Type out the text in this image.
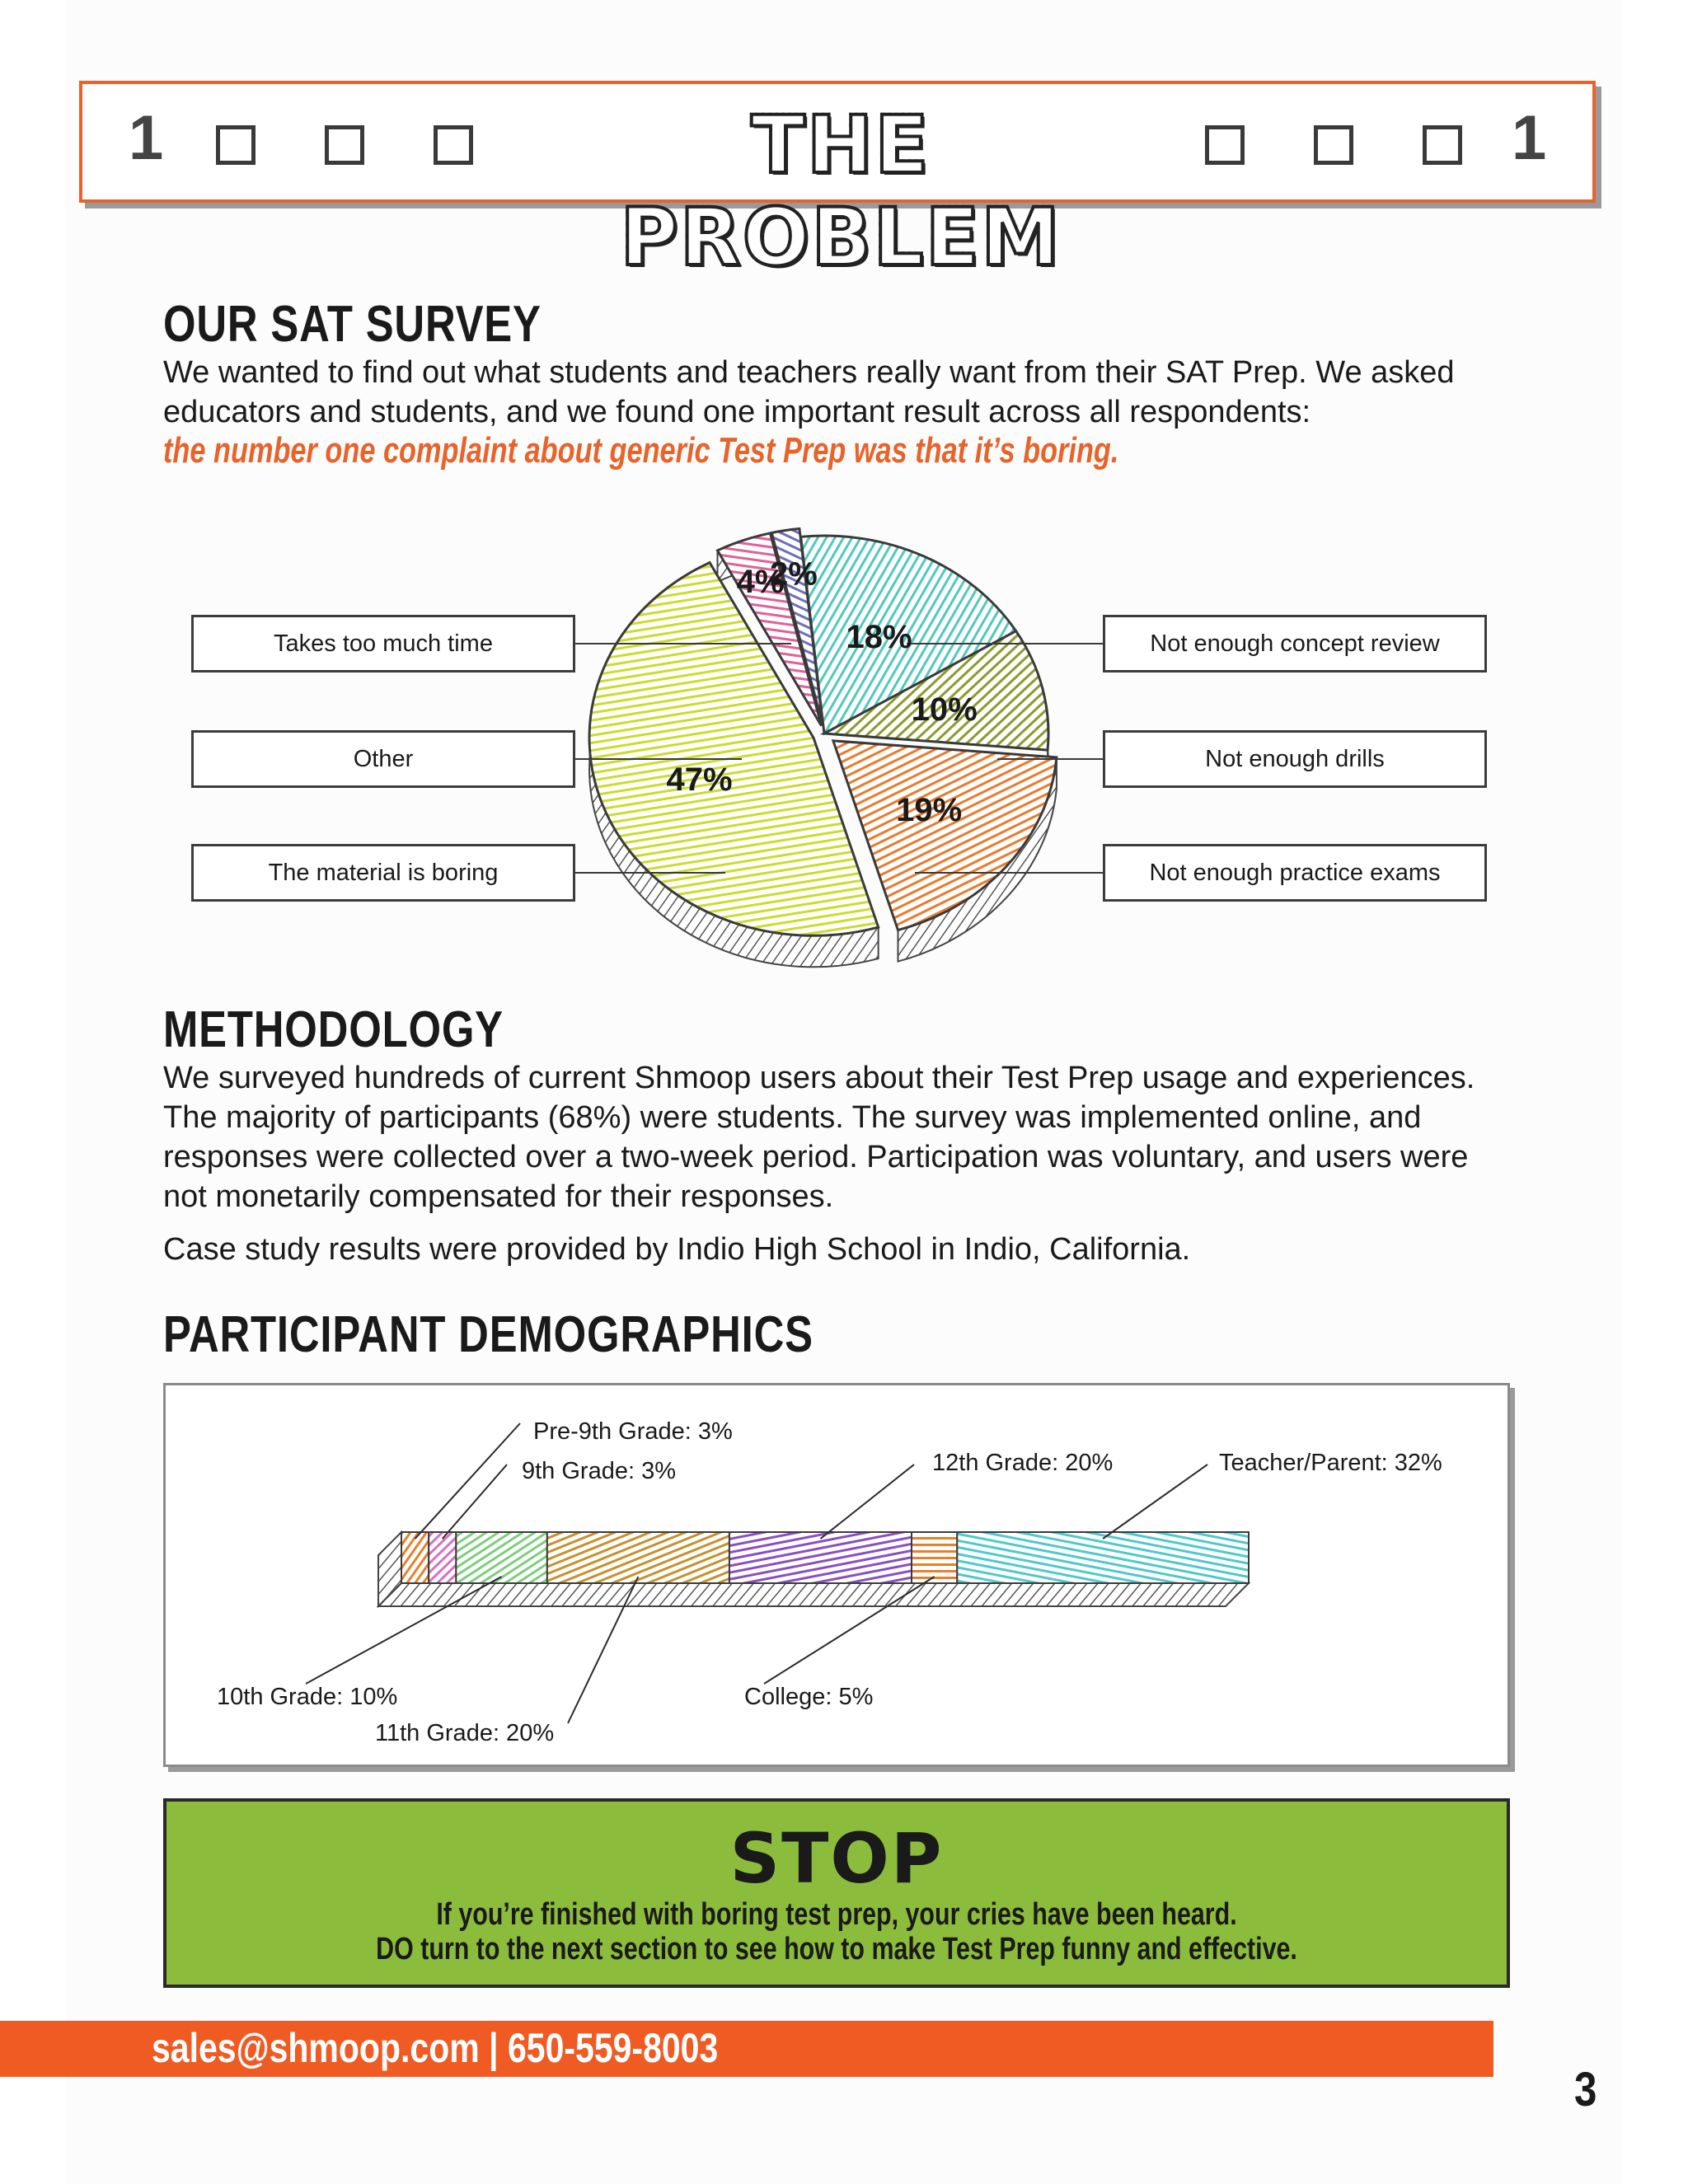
1	THE PROBLEM
1
OUR SAT SURVEY

We wanted to find out what students and teachers really want from their SAT Prep. We asked educators and students, and we found one important result across all respondents:

the number one complaint about generic Test Prep was that it’s boring.
18%
10%
19%
47%
4%
2%
Takes too much time
Other
The material is boring
Not enough concept review
Not enough drills
Not enough practice exams
METHODOLOGY

We surveyed hundreds of current Shmoop users about their Test Prep usage and experiences. The majority of participants (68%) were students. The survey was implemented online, and responses were collected over a two-week period. Participation was voluntary, and users were not monetarily compensated for their responses.

Case study results were provided by Indio High School in Indio, California.

PARTICIPANT DEMOGRAPHICS
Pre-9th Grade: 3%
9th Grade: 3%	12th Grade: 20%	Teacher/Parent: 32%
10th Grade: 10%
11th Grade: 20%
College: 5%
STOP
If you’re finished with boring test prep, your cries have been heard.
DO turn to the next section to see how to make Test Prep funny and effective.
sales@shmoop.com | 650-559-8003
3
